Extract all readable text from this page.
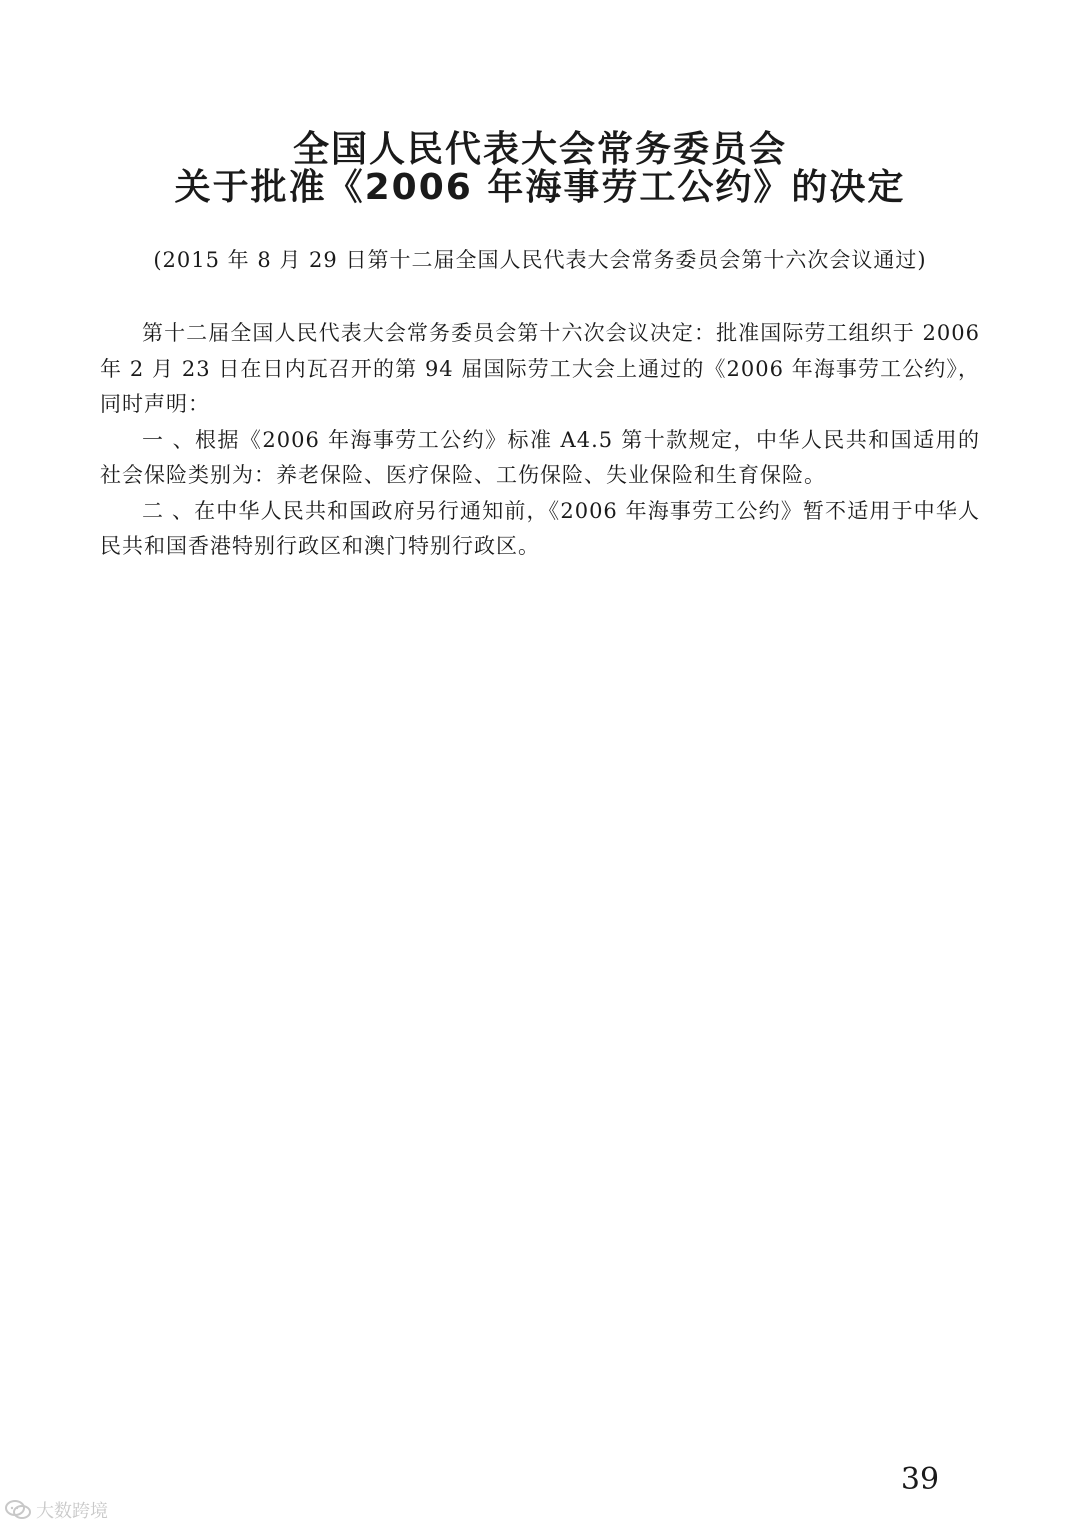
全国人民代表大会常务委员会
关于批准《2006 年海事劳工公约》的决定
(2015 年 8 月 29 日第十二届全国人民代表大会常务委员会第十六次会议通过)

第十二届全国人民代表大会常务委员会第十六次会议决定：批准国际劳工组织于 2006 年 2 月 23 日在日内瓦召开的第 94 届国际劳工大会上通过的《2006 年海事劳工公约》，同时声明：

一 、根据《2006 年海事劳工公约》标准 A4.5 第十款规定，中华人民共和国适用的社会保险类别为：养老保险、医疗保险、工伤保险、失业保险和生育保险。

二 、在中华人民共和国政府另行通知前，《2006 年海事劳工公约》暂不适用于中华人民共和国香港特别行政区和澳门特别行政区。

39
大数跨境
